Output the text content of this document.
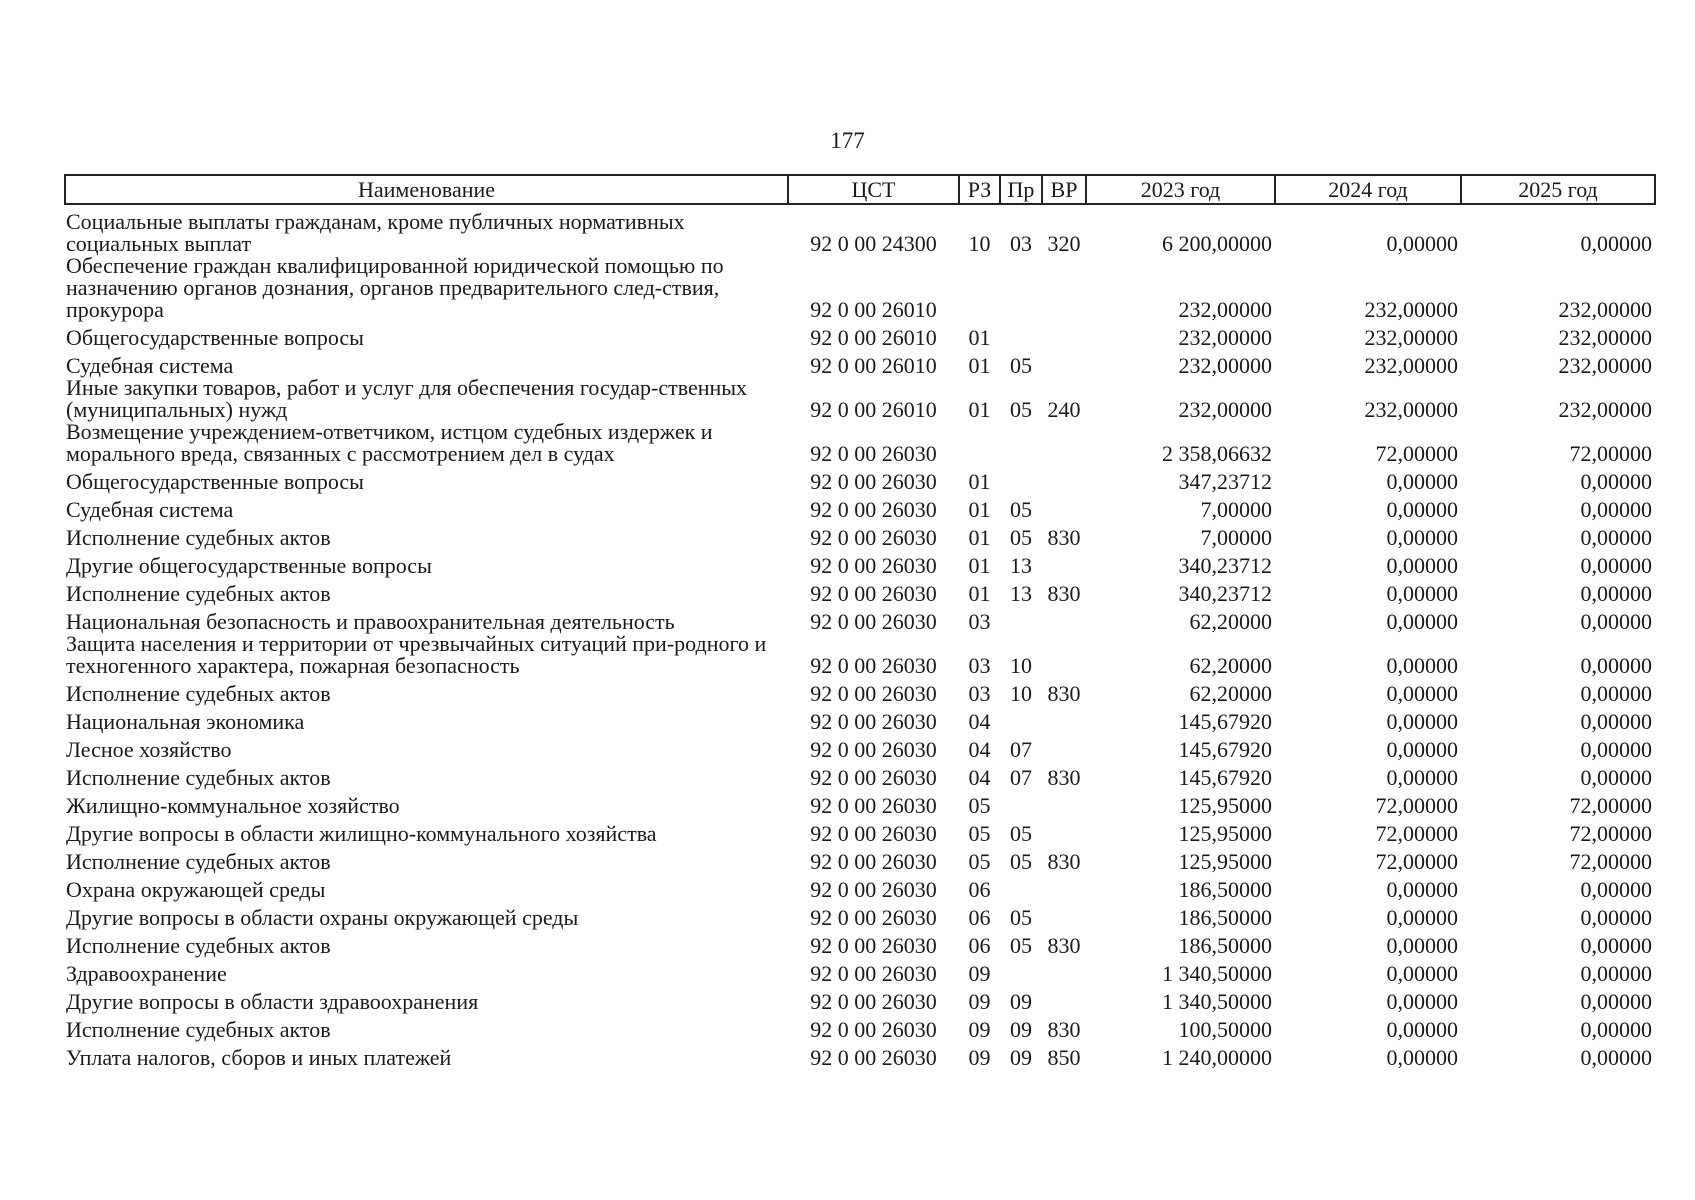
177
Наименование	ЦСТ	РЗ	Пр	ВР	2023 год	2024 год	2025 год
Социальные выплаты гражданам, кроме публичных нормативных социальных выплат	92 0 00 24300	10	03	320	6 200,00000	0,00000	0,00000
Обеспечение граждан квалифицированной юридической помощью по назначению органов дознания, органов предварительного след-ствия, прокурора	92 0 00 26010				232,00000	232,00000	232,00000
Общегосударственные вопросы	92 0 00 26010	01			232,00000	232,00000	232,00000
Судебная система	92 0 00 26010	01	05		232,00000	232,00000	232,00000
Иные закупки товаров, работ и услуг для обеспечения государ-ственных (муниципальных) нужд	92 0 00 26010	01	05	240	232,00000	232,00000	232,00000
Возмещение учреждением-ответчиком, истцом судебных издержек и морального вреда, связанных с рассмотрением дел в судах	92 0 00 26030				2 358,06632	72,00000	72,00000
Общегосударственные вопросы	92 0 00 26030	01			347,23712	0,00000	0,00000
Судебная система	92 0 00 26030	01	05		7,00000	0,00000	0,00000
Исполнение судебных актов	92 0 00 26030	01	05	830	7,00000	0,00000	0,00000
Другие общегосударственные вопросы	92 0 00 26030	01	13		340,23712	0,00000	0,00000
Исполнение судебных актов	92 0 00 26030	01	13	830	340,23712	0,00000	0,00000
Национальная безопасность и правоохранительная деятельность	92 0 00 26030	03			62,20000	0,00000	0,00000
Защита населения и территории от чрезвычайных ситуаций при-родного и техногенного характера, пожарная безопасность	92 0 00 26030	03	10		62,20000	0,00000	0,00000
Исполнение судебных актов	92 0 00 26030	03	10	830	62,20000	0,00000	0,00000
Национальная экономика	92 0 00 26030	04			145,67920	0,00000	0,00000
Лесное хозяйство	92 0 00 26030	04	07		145,67920	0,00000	0,00000
Исполнение судебных актов	92 0 00 26030	04	07	830	145,67920	0,00000	0,00000
Жилищно-коммунальное хозяйство	92 0 00 26030	05			125,95000	72,00000	72,00000
Другие вопросы в области жилищно-коммунального хозяйства	92 0 00 26030	05	05		125,95000	72,00000	72,00000
Исполнение судебных актов	92 0 00 26030	05	05	830	125,95000	72,00000	72,00000
Охрана окружающей среды	92 0 00 26030	06			186,50000	0,00000	0,00000
Другие вопросы в области охраны окружающей среды	92 0 00 26030	06	05		186,50000	0,00000	0,00000
Исполнение судебных актов	92 0 00 26030	06	05	830	186,50000	0,00000	0,00000
Здравоохранение	92 0 00 26030	09			1 340,50000	0,00000	0,00000
Другие вопросы в области здравоохранения	92 0 00 26030	09	09		1 340,50000	0,00000	0,00000
Исполнение судебных актов	92 0 00 26030	09	09	830	100,50000	0,00000	0,00000
Уплата налогов, сборов и иных платежей	92 0 00 26030	09	09	850	1 240,00000	0,00000	0,00000
